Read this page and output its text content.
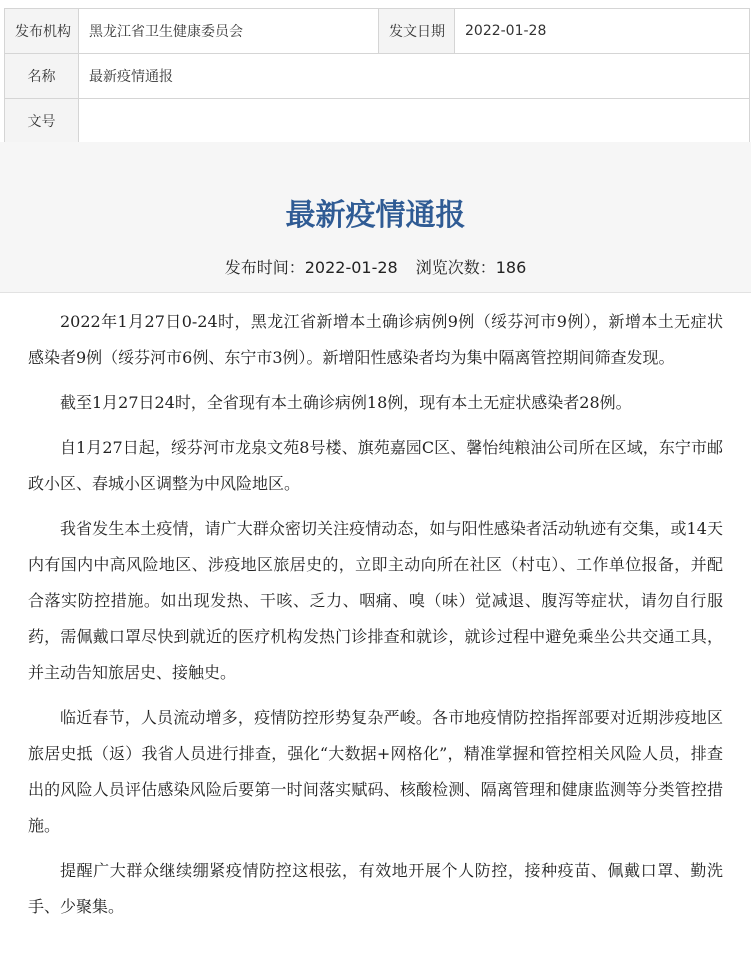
发布机构	黑龙江省卫生健康委员会	发文日期	2022-01-28
名称	最新疫情通报		
文号			
最新疫情通报
发布时间：2022-01-28 浏览次数：186

2022年1月27日0-24时，黑龙江省新增本土确诊病例9例（绥芬河市9例），新增本土无症状感染者9例（绥芬河市6例、东宁市3例）。新增阳性感染者均为集中隔离管控期间筛查发现。

截至1月27日24时，全省现有本土确诊病例18例，现有本土无症状感染者28例。

自1月27日起，绥芬河市龙泉文苑8号楼、旗苑嘉园C区、馨怡纯粮油公司所在区域，东宁市邮政小区、春城小区调整为中风险地区。

我省发生本土疫情，请广大群众密切关注疫情动态，如与阳性感染者活动轨迹有交集，或14天内有国内中高风险地区、涉疫地区旅居史的，立即主动向所在社区（村屯）、工作单位报备，并配合落实防控措施。如出现发热、干咳、乏力、咽痛、嗅（味）觉减退、腹泻等症状，请勿自行服药，需佩戴口罩尽快到就近的医疗机构发热门诊排查和就诊，就诊过程中避免乘坐公共交通工具，并主动告知旅居史、接触史。

临近春节，人员流动增多，疫情防控形势复杂严峻。各市地疫情防控指挥部要对近期涉疫地区旅居史抵（返）我省人员进行排查，强化“大数据+网格化”，精准掌握和管控相关风险人员，排查出的风险人员评估感染风险后要第一时间落实赋码、核酸检测、隔离管理和健康监测等分类管控措施。

提醒广大群众继续绷紧疫情防控这根弦，有效地开展个人防控，接种疫苗、佩戴口罩、勤洗手、少聚集。
